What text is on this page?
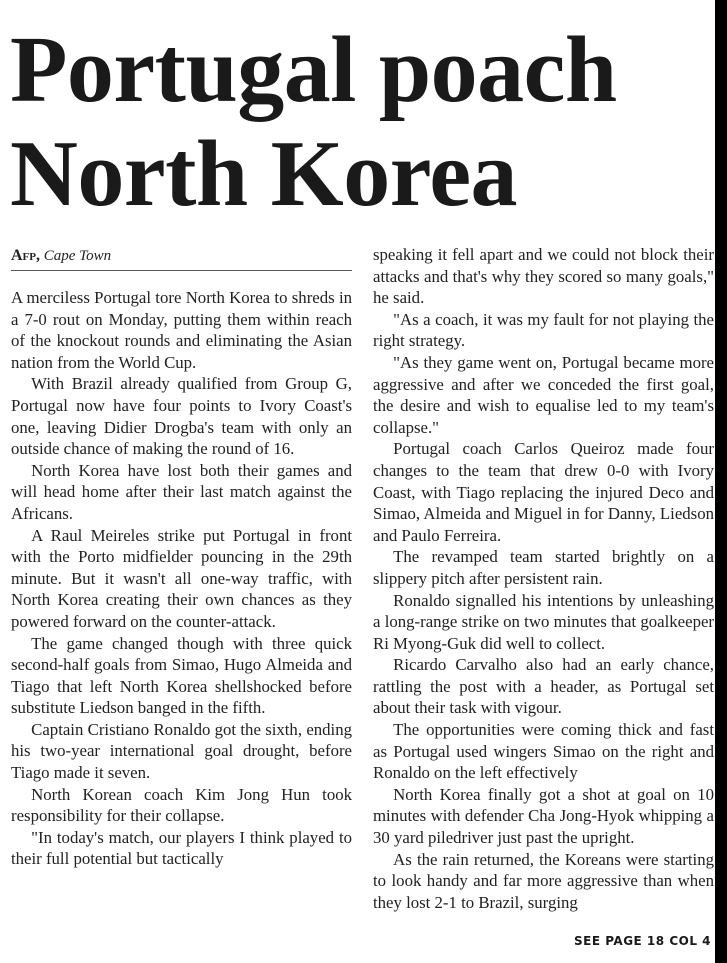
Portugal poach
North Korea
Afp, Cape Town

A merciless Portugal tore North Korea to shreds in a 7-0 rout on Monday, putting them within reach of the knockout rounds and eliminating the Asian nation from the World Cup.

With Brazil already qualified from Group G, Portugal now have four points to Ivory Coast's one, leaving Didier Drogba's team with only an outside chance of making the round of 16.

North Korea have lost both their games and will head home after their last match against the Africans.

A Raul Meireles strike put Portugal in front with the Porto midfielder pouncing in the 29th minute. But it wasn't all one-way traffic, with North Korea creating their own chances as they powered forward on the counter-attack.

The game changed though with three quick second-half goals from Simao, Hugo Almeida and Tiago that left North Korea shellshocked before substitute Liedson banged in the fifth.

Captain Cristiano Ronaldo got the sixth, ending his two-year international goal drought, before Tiago made it seven.

North Korean coach Kim Jong Hun took responsibility for their collapse.

"In today's match, our players I think played to their full potential but tactically

speaking it fell apart and we could not block their attacks and that's why they scored so many goals," he said.

"As a coach, it was my fault for not playing the right strategy.

"As they game went on, Portugal became more aggressive and after we conceded the first goal, the desire and wish to equalise led to my team's collapse."

Portugal coach Carlos Queiroz made four changes to the team that drew 0-0 with Ivory Coast, with Tiago replacing the injured Deco and Simao, Almeida and Miguel in for Danny, Liedson and Paulo Ferreira.

The revamped team started brightly on a slippery pitch after persistent rain.

Ronaldo signalled his intentions by unleashing a long-range strike on two minutes that goalkeeper Ri Myong-Guk did well to collect.

Ricardo Carvalho also had an early chance, rattling the post with a header, as Portugal set about their task with vigour.

The opportunities were coming thick and fast as Portugal used wingers Simao on the right and Ronaldo on the left effectively

North Korea finally got a shot at goal on 10 minutes with defender Cha Jong-Hyok whipping a 30 yard piledriver just past the upright.

As the rain returned, the Koreans were starting to look handy and far more aggressive than when they lost 2-1 to Brazil, surging

SEE PAGE 18 COL 4
